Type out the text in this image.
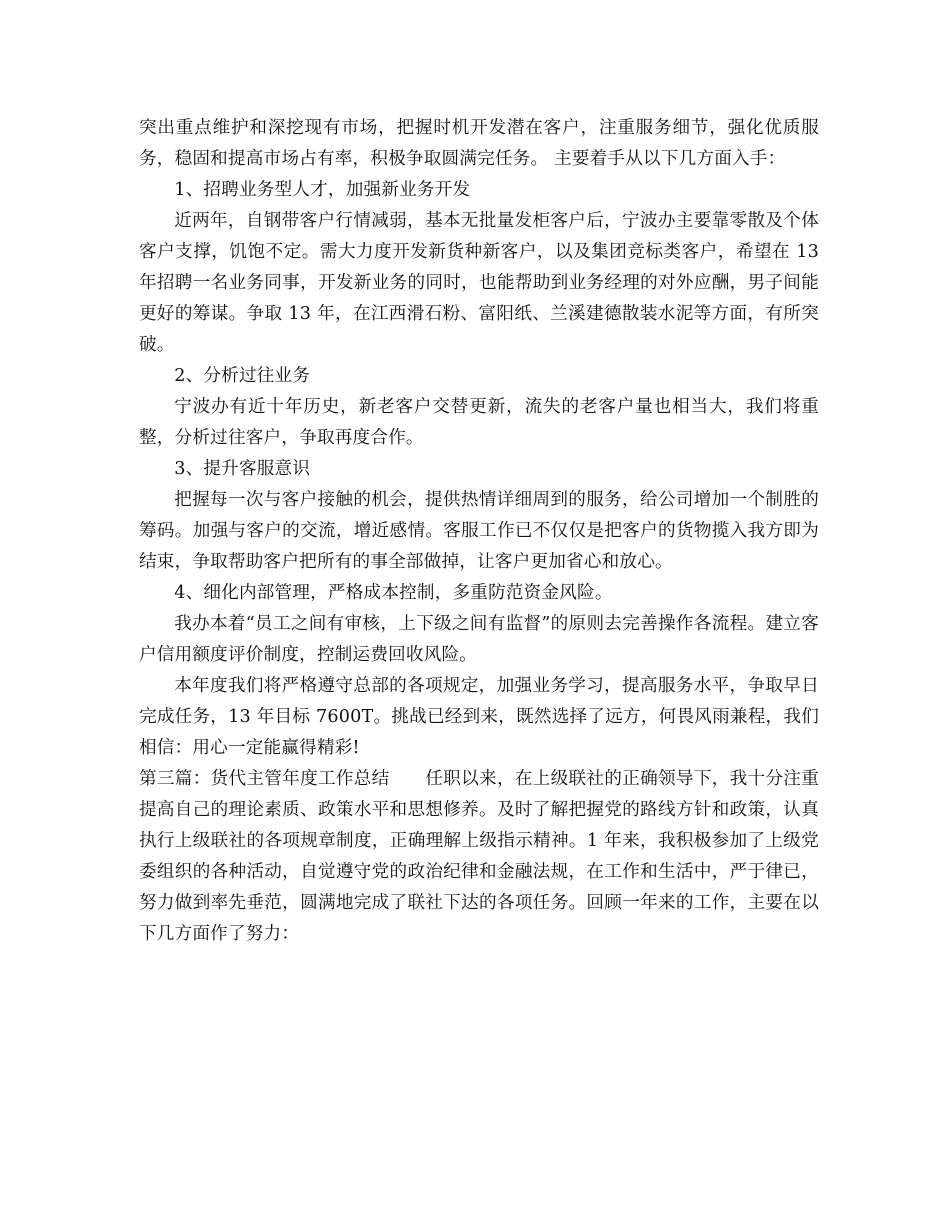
突出重点维护和深挖现有市场，把握时机开发潜在客户，注重服务细节，强化优质服务，稳固和提高市场占有率，积极争取圆满完任务。 主要着手从以下几方面入手：

1、招聘业务型人才，加强新业务开发

近两年，自钢带客户行情减弱，基本无批量发柜客户后，宁波办主要靠零散及个体客户支撑，饥饱不定。需大力度开发新货种新客户，以及集团竞标类客户，希望在 13 年招聘一名业务同事，开发新业务的同时，也能帮助到业务经理的对外应酬，男子间能更好的筹谋。争取 13 年，在江西滑石粉、富阳纸、兰溪建德散装水泥等方面，有所突破。

2、分析过往业务

宁波办有近十年历史，新老客户交替更新，流失的老客户量也相当大，我们将重整，分析过往客户，争取再度合作。

3、提升客服意识

把握每一次与客户接触的机会，提供热情详细周到的服务，给公司增加一个制胜的筹码。加强与客户的交流，增近感情。客服工作已不仅仅是把客户的货物揽入我方即为结束，争取帮助客户把所有的事全部做掉，让客户更加省心和放心。

4、细化内部管理，严格成本控制，多重防范资金风险。

我办本着“员工之间有审核，上下级之间有监督”的原则去完善操作各流程。建立客户信用额度评价制度，控制运费回收风险。

本年度我们将严格遵守总部的各项规定，加强业务学习，提高服务水平，争取早日完成任务，13 年目标 7600T。挑战已经到来，既然选择了远方，何畏风雨兼程，我们相信：用心一定能赢得精彩!

第三篇：货代主管年度工作总结　　任职以来，在上级联社的正确领导下，我十分注重提高自己的理论素质、政策水平和思想修养。及时了解把握党的路线方针和政策，认真执行上级联社的各项规章制度，正确理解上级指示精神。1 年来，我积极参加了上级党委组织的各种活动，自觉遵守党的政治纪律和金融法规，在工作和生活中，严于律已，努力做到率先垂范，圆满地完成了联社下达的各项任务。回顾一年来的工作，主要在以下几方面作了努力：
